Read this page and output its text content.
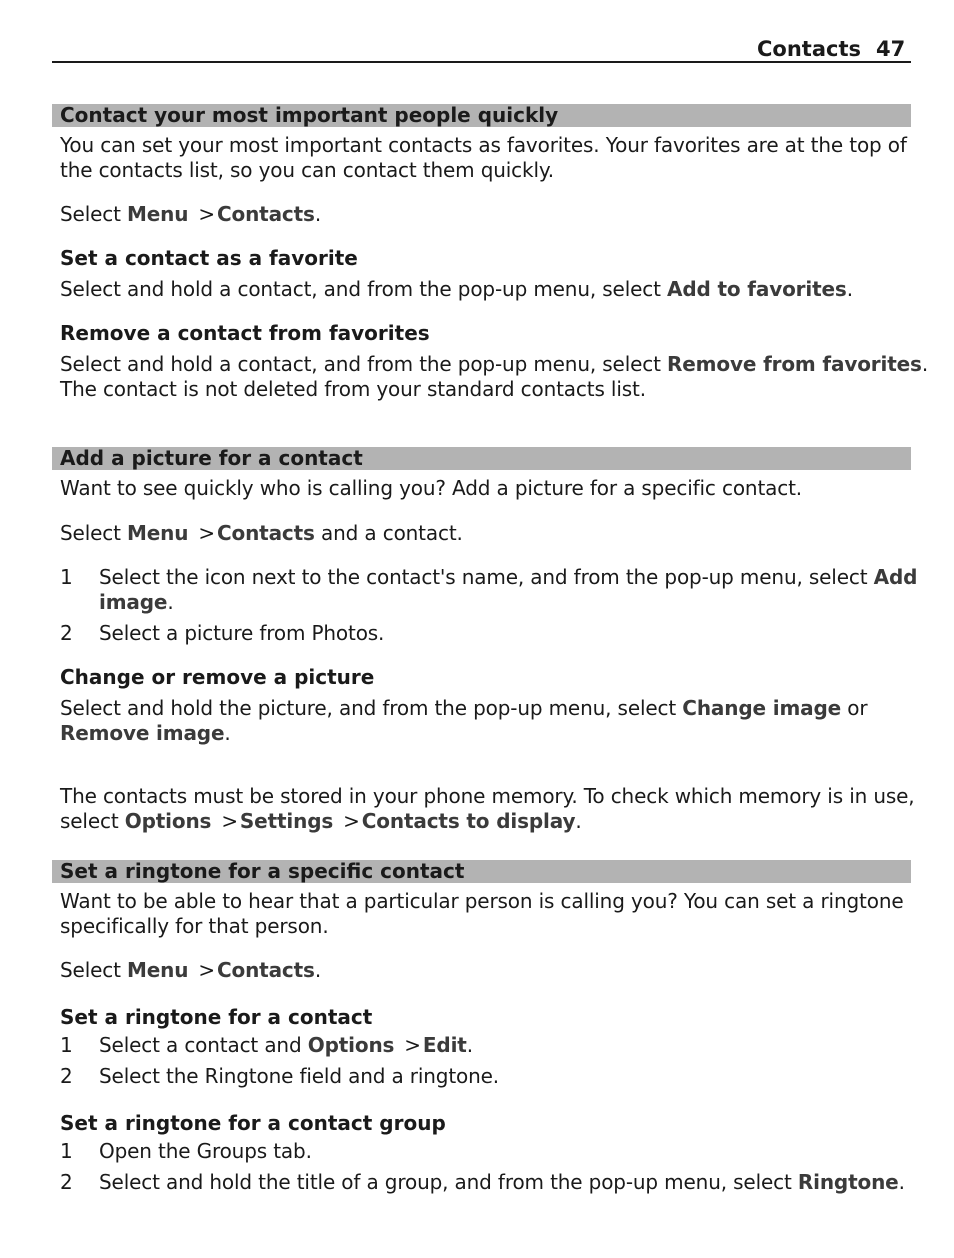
Contacts 47
Contact your most important people quickly
You can set your most important contacts as favorites. Your favorites are at the top of
the contacts list, so you can contact them quickly.
Select Menu > Contacts.
Set a contact as a favorite
Select and hold a contact, and from the pop-up menu, select Add to favorites.
Remove a contact from favorites
Select and hold a contact, and from the pop-up menu, select Remove from favorites.
The contact is not deleted from your standard contacts list.
Add a picture for a contact
Want to see quickly who is calling you? Add a picture for a specific contact.
Select Menu > Contacts and a contact.
1 Select the icon next to the contact's name, and from the pop-up menu, select Add
image.
2 Select a picture from Photos.
Change or remove a picture
Select and hold the picture, and from the pop-up menu, select Change image or
Remove image.
The contacts must be stored in your phone memory. To check which memory is in use,
select Options > Settings > Contacts to display.
Set a ringtone for a specific contact
Want to be able to hear that a particular person is calling you? You can set a ringtone
specifically for that person.
Select Menu > Contacts.
Set a ringtone for a contact
1 Select a contact and Options > Edit.
2 Select the Ringtone field and a ringtone.
Set a ringtone for a contact group
1 Open the Groups tab.
2 Select and hold the title of a group, and from the pop-up menu, select Ringtone.
